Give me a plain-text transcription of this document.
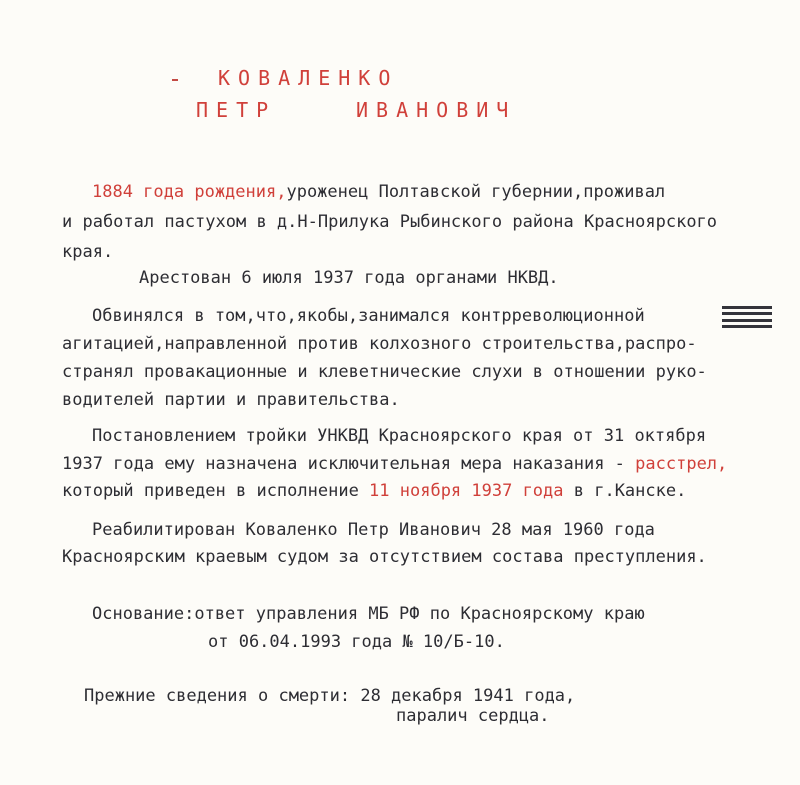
КОВАЛЕНКО
ПЕТР	ИВАНОВИЧ
1884 года рождения,уроженец Полтавской губернии,проживал
и работал пастухом в д.Н-Прилука Рыбинского района Красноярского
края.
Арестован 6 июля 1937 года органами НКВД.
Обвинялся в том,что,якобы,занимался контрреволюционной
агитацией,направленной против колхозного строительства,распро-
странял провакационные и клеветнические слухи в отношении руко-
водителей партии и правительства.
Постановлением тройки УНКВД Красноярского края от 31 октября
1937 года ему назначена исключительная мера наказания - расстрел,
который приведен в исполнение 11 ноября 1937 года в г.Канске.
Реабилитирован Коваленко Петр Иванович 28 мая 1960 года
Красноярским краевым судом за отсутствием состава преступления.
Основание:ответ управления МБ РФ по Красноярскому краю
от 06.04.1993 года № 10/Б-10.
Прежние сведения о смерти: 28 декабря 1941 года,
паралич сердца.
